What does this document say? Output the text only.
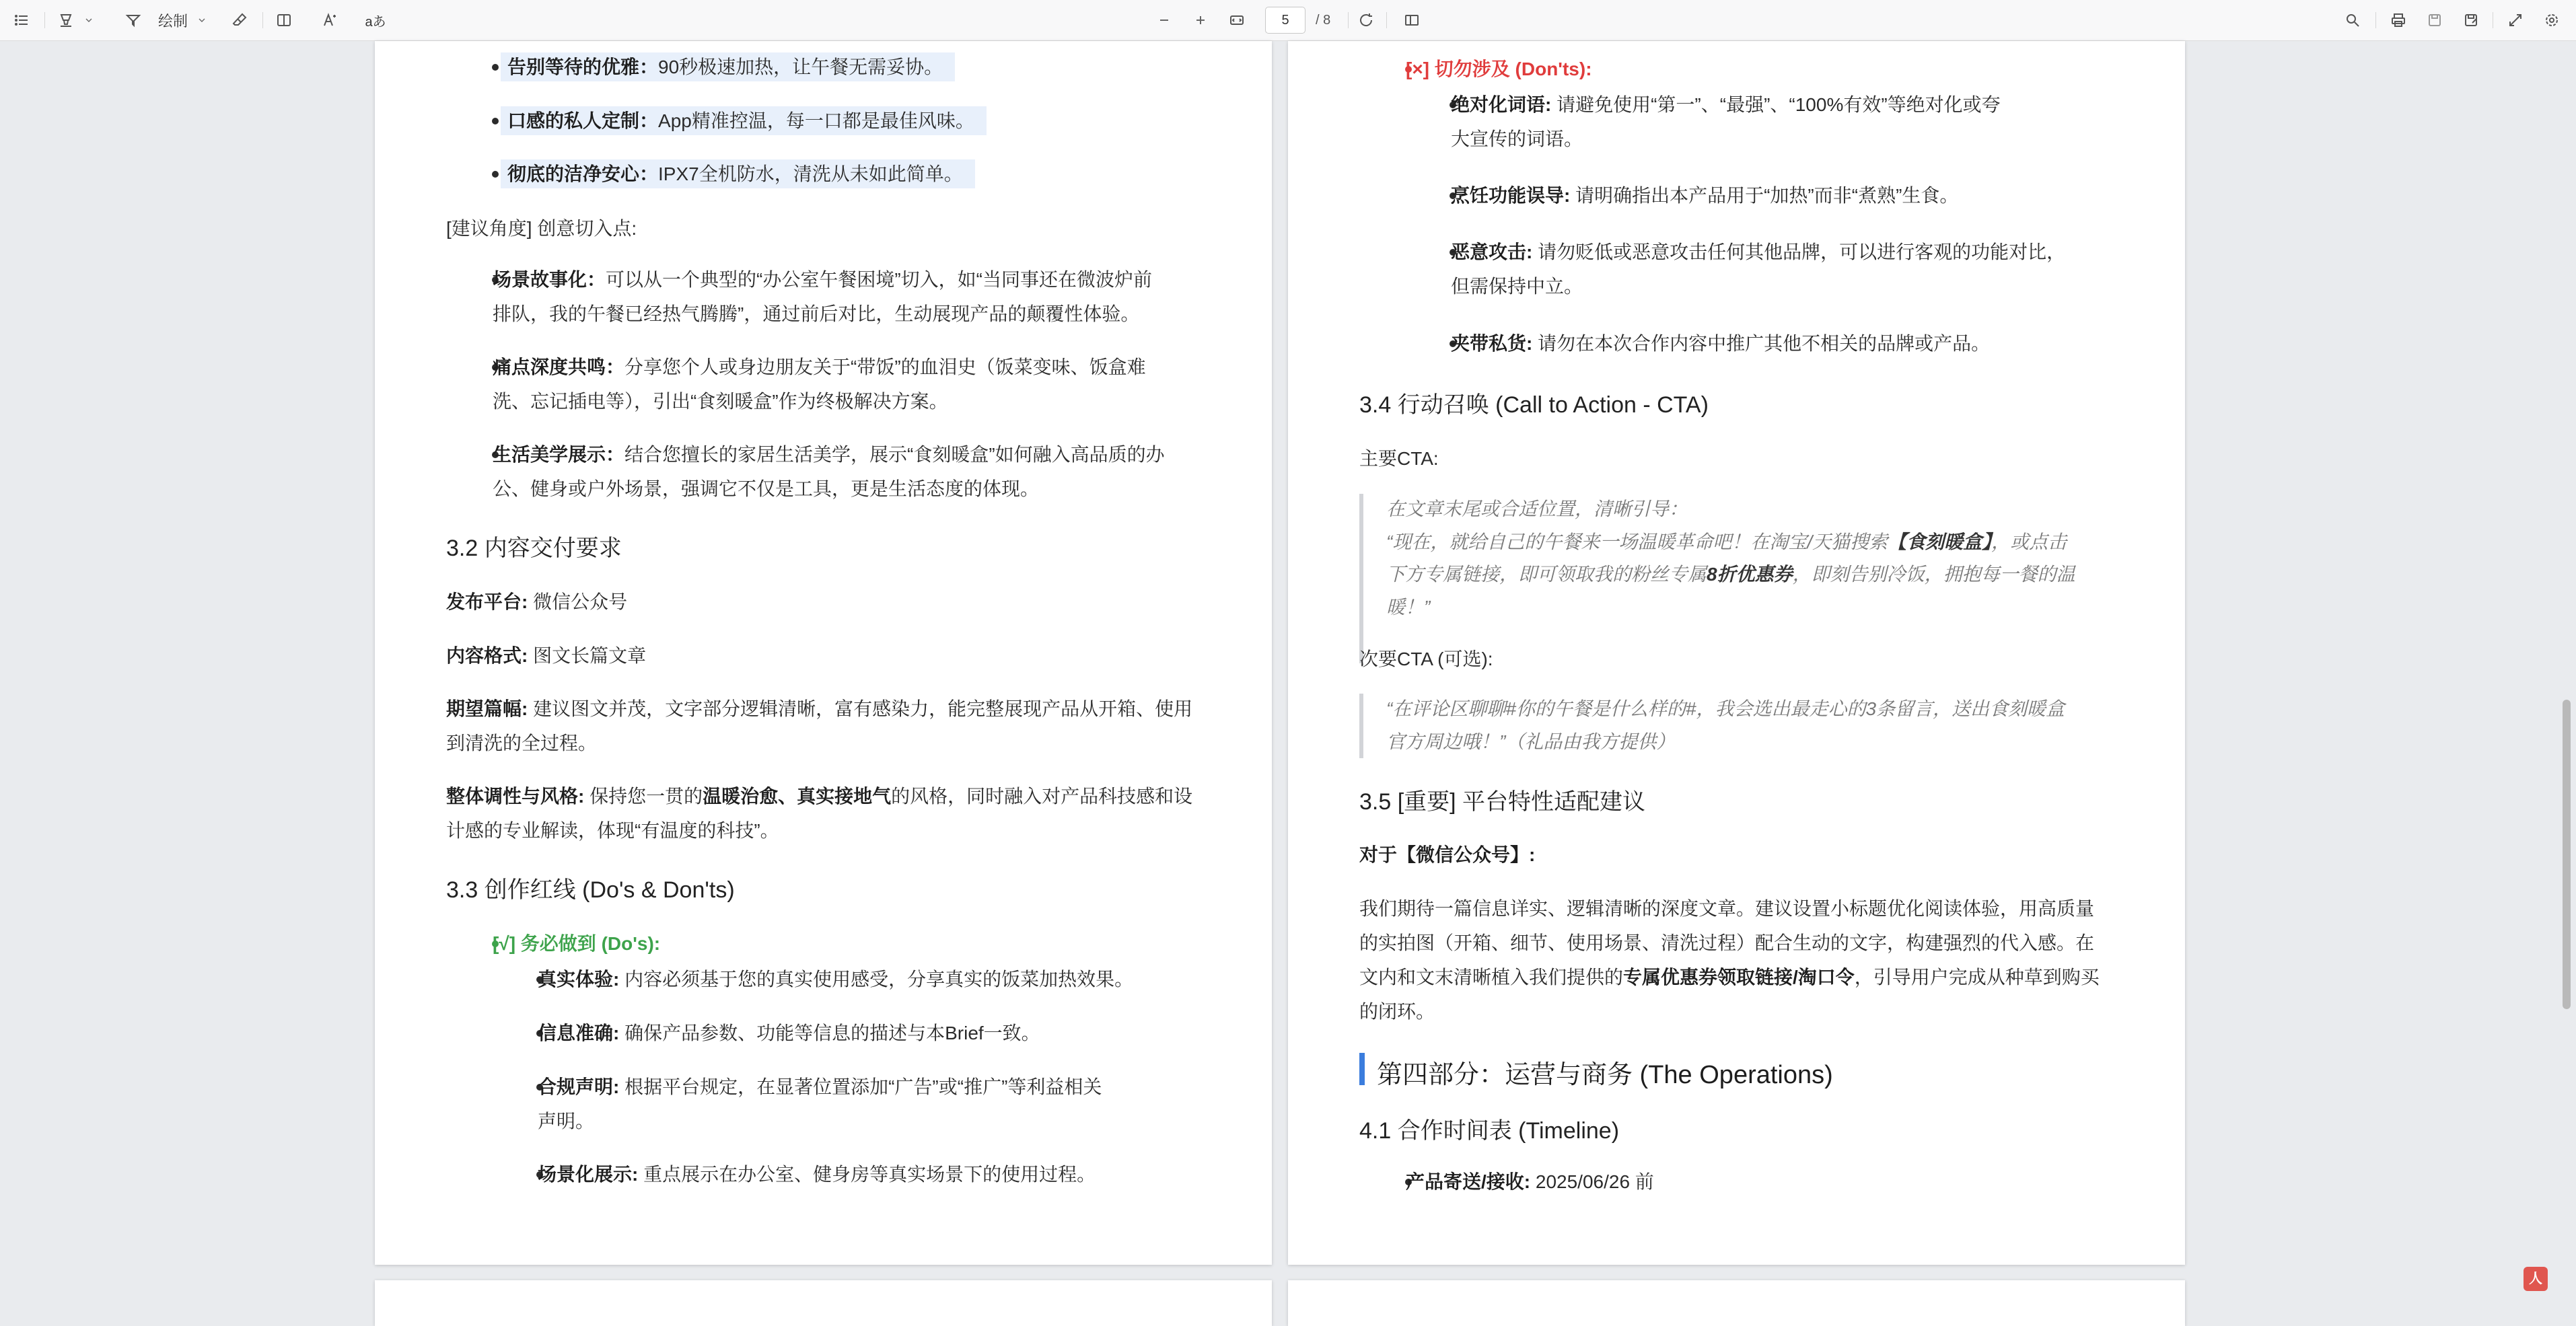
绘制	aあ	5	/ 8
告别等待的优雅：90秒极速加热，让午餐无需妥协。
口感的私人定制：App精准控温，每一口都是最佳风味。
彻底的洁净安心：IPX7全机防水，清洗从未如此简单。
[建议角度] 创意切入点:
场景故事化：可以从一个典型的“办公室午餐困境”切入，如“当同事还在微波炉前
排队，我的午餐已经热气腾腾”，通过前后对比，生动展现产品的颠覆性体验。
痛点深度共鸣：分享您个人或身边朋友关于“带饭”的血泪史（饭菜变味、饭盒难
洗、忘记插电等），引出“食刻暖盒”作为终极解决方案。
生活美学展示：结合您擅长的家居生活美学，展示“食刻暖盒”如何融入高品质的办
公、健身或户外场景，强调它不仅是工具，更是生活态度的体现。
3.2 内容交付要求
发布平台: 微信公众号
内容格式: 图文长篇文章
期望篇幅: 建议图文并茂，文字部分逻辑清晰，富有感染力，能完整展现产品从开箱、使用
到清洗的全过程。
整体调性与风格: 保持您一贯的温暖治愈、真实接地气的风格，同时融入对产品科技感和设
计感的专业解读，体现“有温度的科技”。
3.3 创作红线 (Do's & Don'ts)
[√] 务必做到 (Do's):
真实体验: 内容必须基于您的真实使用感受，分享真实的饭菜加热效果。
信息准确: 确保产品参数、功能等信息的描述与本Brief一致。
合规声明: 根据平台规定，在显著位置添加“广告”或“推广”等利益相关
声明。
场景化展示: 重点展示在办公室、健身房等真实场景下的使用过程。
[×] 切勿涉及 (Don'ts):
绝对化词语: 请避免使用“第一”、“最强”、“100%有效”等绝对化或夸
大宣传的词语。
烹饪功能误导: 请明确指出本产品用于“加热”而非“煮熟”生食。
恶意攻击: 请勿贬低或恶意攻击任何其他品牌，可以进行客观的功能对比，
但需保持中立。
夹带私货: 请勿在本次合作内容中推广其他不相关的品牌或产品。
3.4 行动召唤 (Call to Action - CTA)
主要CTA:
在文章末尾或合适位置，清晰引导：
“现在，就给自己的午餐来一场温暖革命吧！在淘宝/天猫搜索【食刻暖盒】，或点击
下方专属链接，即可领取我的粉丝专属8折优惠券，即刻告别冷饭，拥抱每一餐的温
暖！”
次要CTA (可选):
“在评论区聊聊#你的午餐是什么样的#，我会选出最走心的3条留言，送出食刻暖盒
官方周边哦！”（礼品由我方提供）
3.5 [重要] 平台特性适配建议
对于【微信公众号】:
我们期待一篇信息详实、逻辑清晰的深度文章。建议设置小标题优化阅读体验，用高质量
的实拍图（开箱、细节、使用场景、清洗过程）配合生动的文字，构建强烈的代入感。在
文内和文末清晰植入我们提供的专属优惠券领取链接/淘口令，引导用户完成从种草到购买
的闭环。
第四部分：运营与商务 (The Operations)
4.1 合作时间表 (Timeline)
产品寄送/接收: 2025/06/26 前
人
